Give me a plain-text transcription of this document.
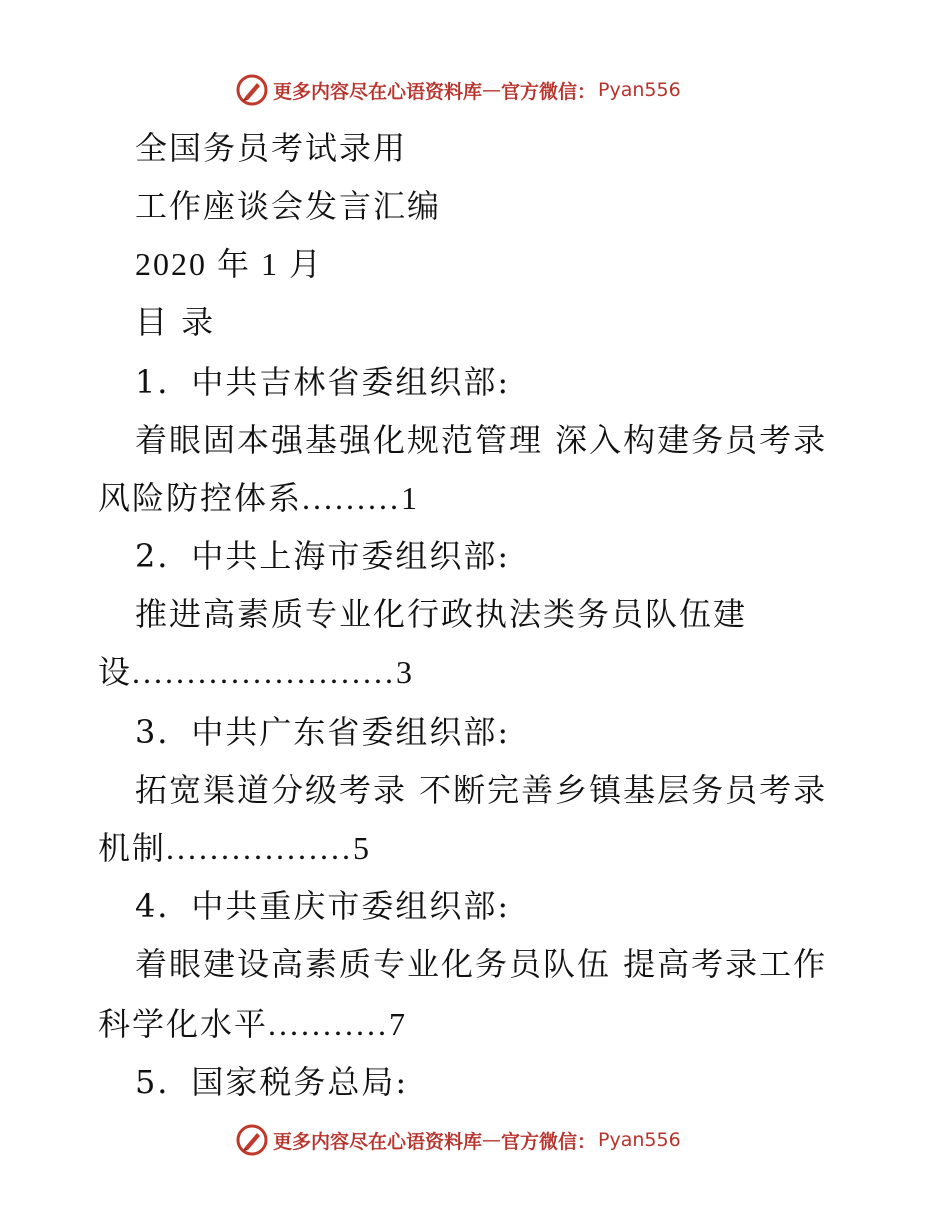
更多内容尽在心语资料库 — 官方微信： Pyan556
全国务员考试录用
工作座谈会发言汇编
2020 年 1 月
目 录
1．中共吉林省委组织部:
着眼固本强基强化规范管理 深入构建务员考录
风险防控体系.........1
2．中共上海市委组织部:
推进高素质专业化行政执法类务员队伍建
设........................3
3．中共广东省委组织部:
拓宽渠道分级考录 不断完善乡镇基层务员考录
机制.................5
4．中共重庆市委组织部:
着眼建设高素质专业化务员队伍 提高考录工作
科学化水平...........7
5．国家税务总局:
更多内容尽在心语资料库 — 官方微信： Pyan556
